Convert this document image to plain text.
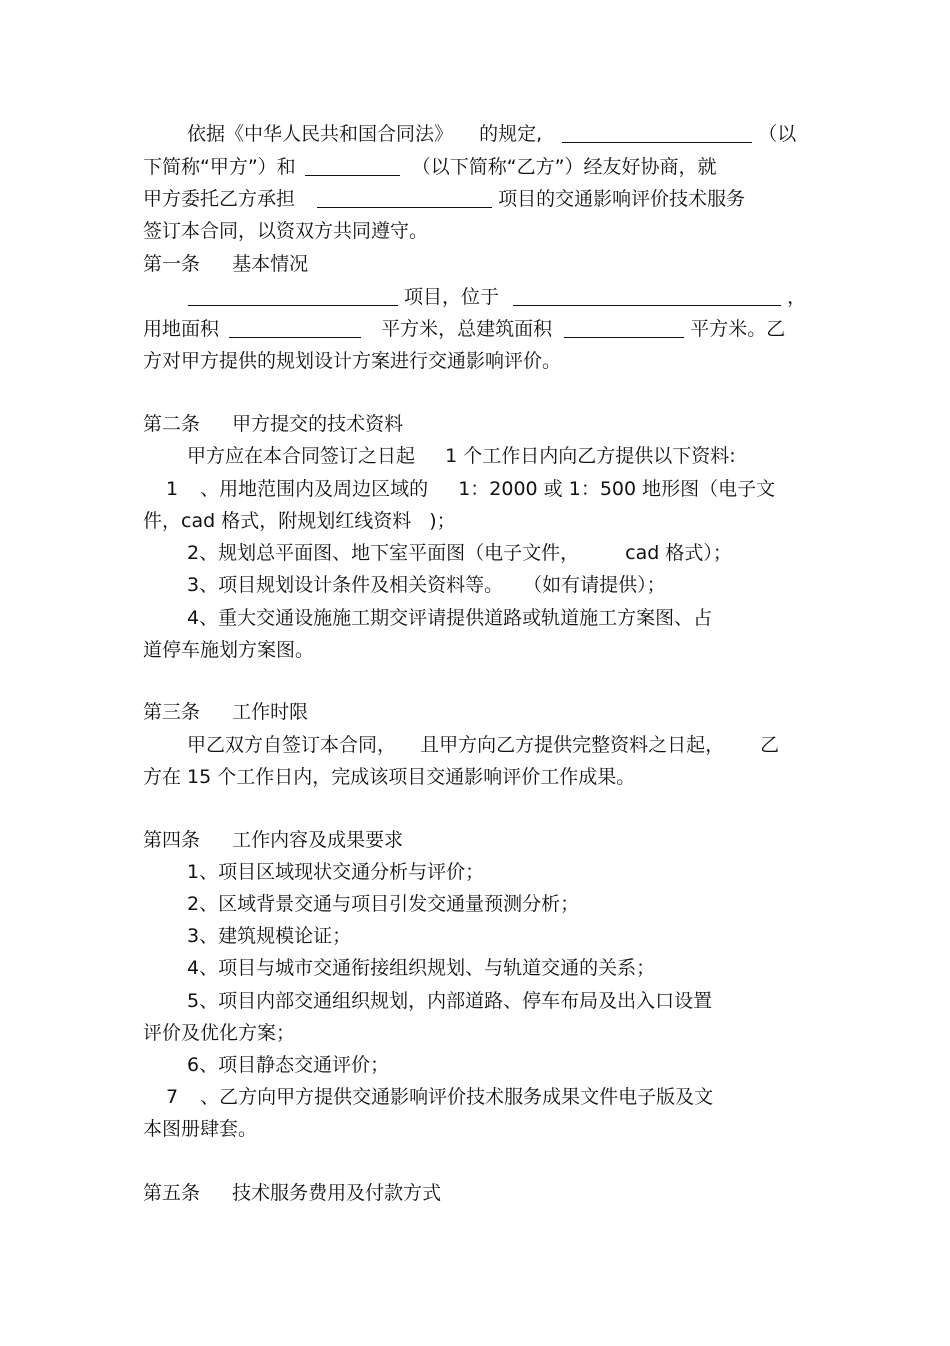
依据《中华人民共和国合同法》 的规定,	（以
下简称“甲方”）和	（以下简称“乙方”）经友好协商，就
甲方委托乙方承担	项目的交通影响评价技术服务
签订本合同，以资双方共同遵守。
第一条 基本情况
项目，位于	，
用地面积	平方米，总建筑面积	平方米。乙
方对甲方提供的规划设计方案进行交通影响评价。
第二条 甲方提交的技术资料
甲方应在本合同签订之日起 1 个工作日内向乙方提供以下资料:
1 、用地范围内及周边区域的 1：2000 或 1：500 地形图（电子文
件，cad 格式，附规划红线资料 )；
2、规划总平面图、地下室平面图（电子文件， cad 格式）；
3、项目规划设计条件及相关资料等。 （如有请提供）；
4、重大交通设施施工期交评请提供道路或轨道施工方案图、占
道停车施划方案图。
第三条 工作时限
甲乙双方自签订本合同， 且甲方向乙方提供完整资料之日起， 乙
方在 15 个工作日内，完成该项目交通影响评价工作成果。
第四条 工作内容及成果要求
1、项目区域现状交通分析与评价；
2、区域背景交通与项目引发交通量预测分析；
3、建筑规模论证；
4、项目与城市交通衔接组织规划、与轨道交通的关系；
5、项目内部交通组织规划，内部道路、停车布局及出入口设置
评价及优化方案；
6、项目静态交通评价；
7 、乙方向甲方提供交通影响评价技术服务成果文件电子版及文
本图册肆套。
第五条 技术服务费用及付款方式
